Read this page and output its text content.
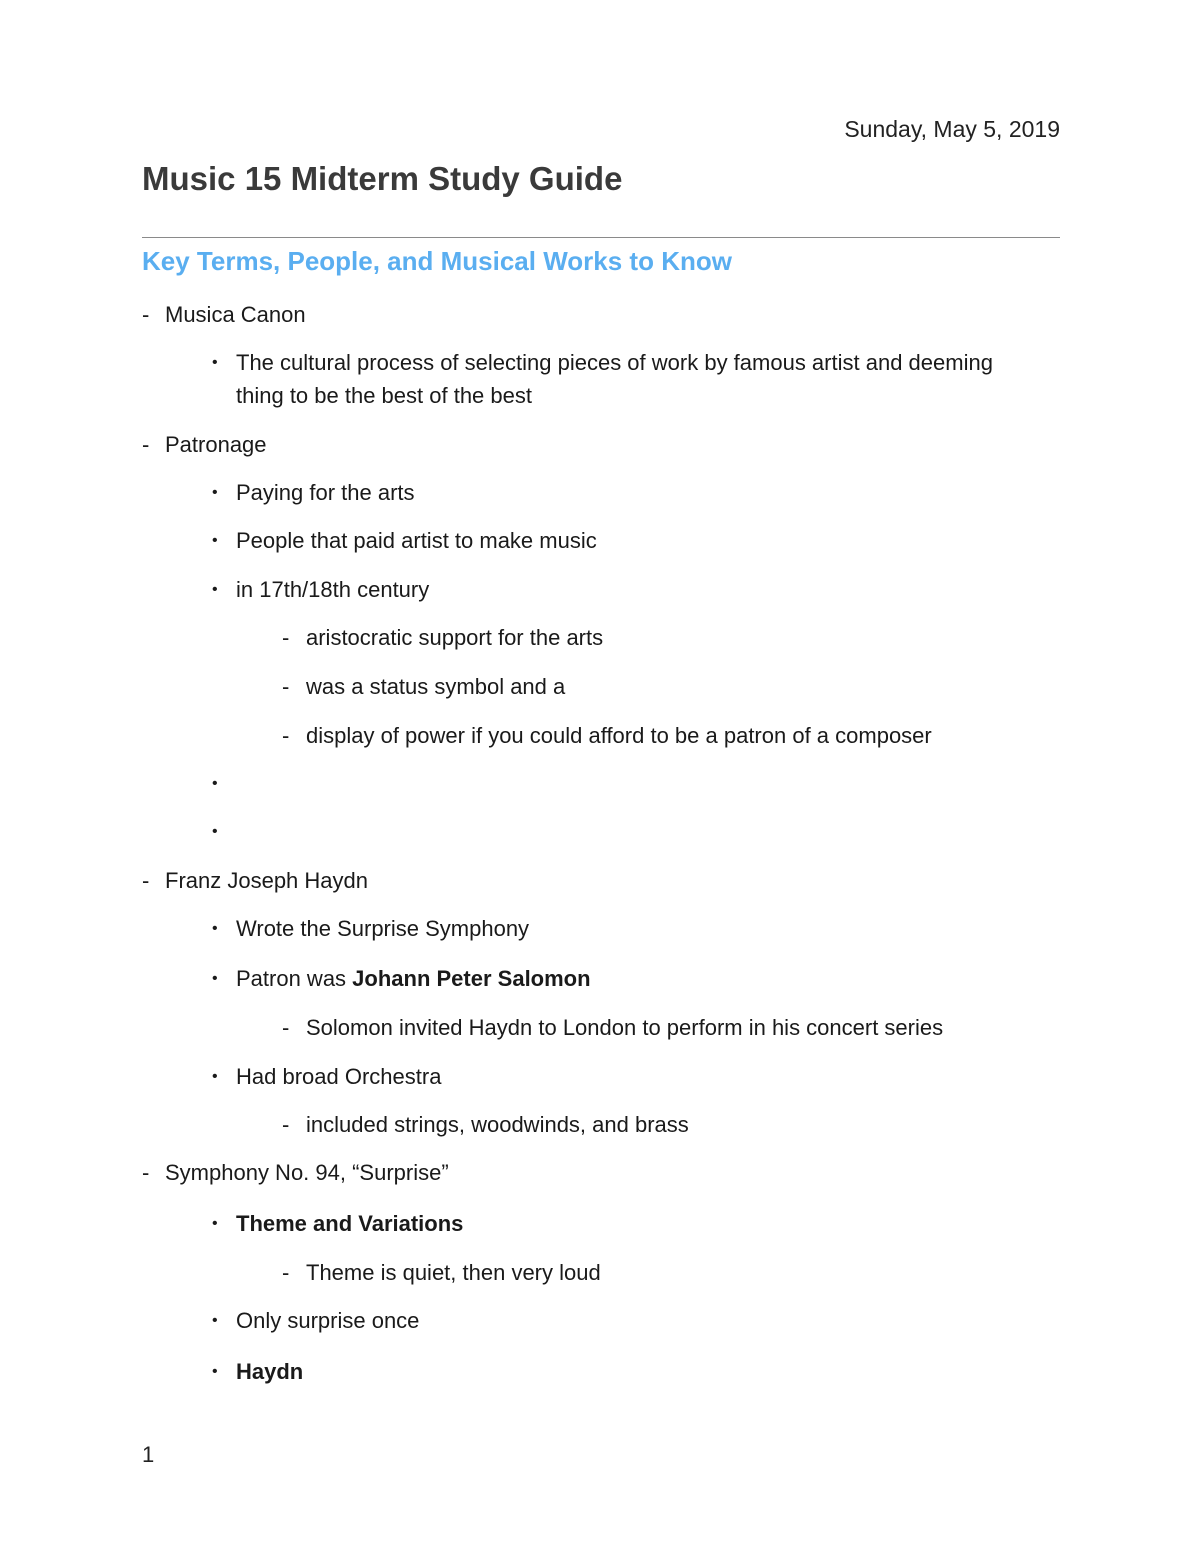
Sunday, May 5, 2019
Music 15 Midterm Study Guide
Key Terms, People, and Musical Works to Know
- Musica Canon
• The cultural process of selecting pieces of work by famous artist and deeming
thing to be the best of the best
- Patronage
• Paying for the arts
• People that paid artist to make music
• in 17th/18th century
- aristocratic support for the arts
- was a status symbol and a
- display of power if you could afford to be a patron of a composer
•
•
- Franz Joseph Haydn
• Wrote the Surprise Symphony
• Patron was Johann Peter Salomon
- Solomon invited Haydn to London to perform in his concert series
• Had broad Orchestra
- included strings, woodwinds, and brass
- Symphony No. 94, “Surprise”
• Theme and Variations
- Theme is quiet, then very loud
• Only surprise once
• Haydn
1
